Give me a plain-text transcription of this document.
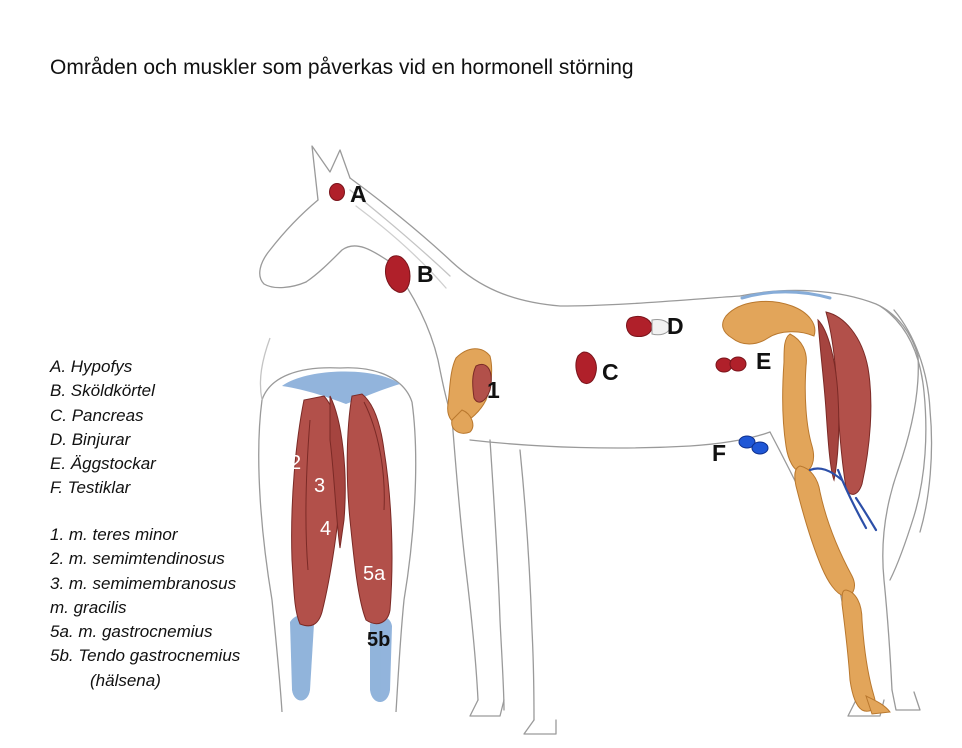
Områden och muskler som påverkas vid en hormonell störning
A
B
C
D
E
F
1
2
3
4
5a
5b
A. Hypofys
B. Sköldkörtel
C. Pancreas
D. Binjurar
E. Äggstockar
F. Testiklar
1. m. teres minor
2. m. semimtendinosus
3. m. semimembranosus
m. gracilis
5a. m. gastrocnemius
5b. Tendo gastrocnemius
(hälsena)
